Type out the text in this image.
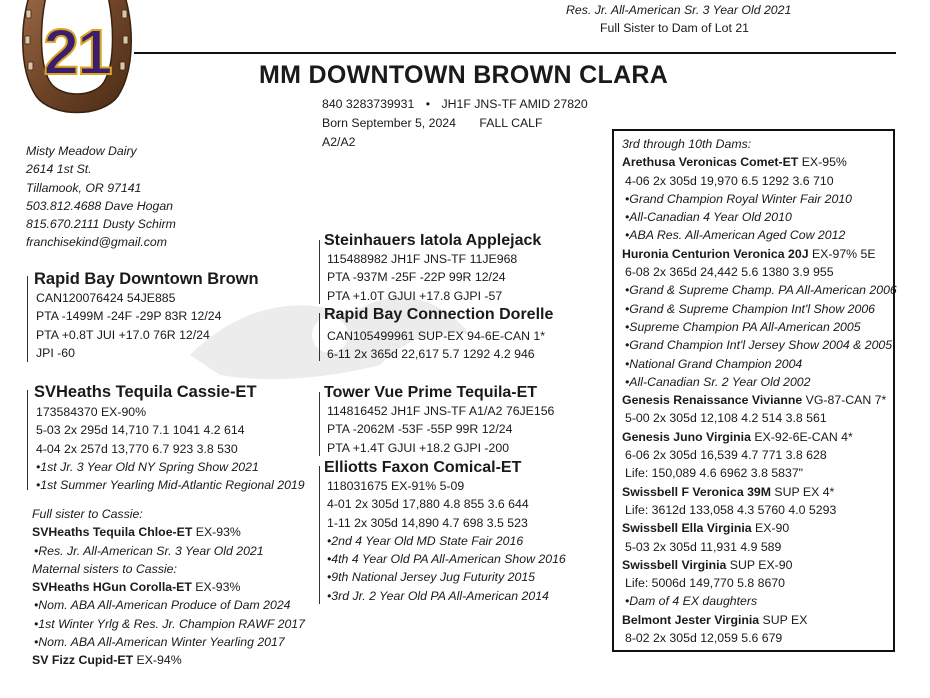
21
Res. Jr. All-American Sr. 3 Year Old 2021
Full Sister to Dam of Lot 21
MM DOWNTOWN BROWN CLARA
840 3283739931 • JH1F JNS-TF AMID 27820
Born September 5, 2024 FALL CALF
A2/A2
Misty Meadow Dairy
2614 1st St.
Tillamook, OR 97141
503.812.4688 Dave Hogan
815.670.2111 Dusty Schirm
franchisekind@gmail.com
Rapid Bay Downtown Brown
CAN120076424 54JE885
PTA -1499M -24F -29P 83R 12/24
PTA +0.8T JUI +17.0 76R 12/24
JPI -60
SVHeaths Tequila Cassie-ET
173584370 EX-90%
5-03 2x 295d 14,710 7.1 1041 4.2 614
4-04 2x 257d 13,770 6.7 923 3.8 530
•1st Jr. 3 Year Old NY Spring Show 2021
•1st Summer Yearling Mid-Atlantic Regional 2019
Full sister to Cassie:
SVHeaths Tequila Chloe-ET EX-93%
•Res. Jr. All-American Sr. 3 Year Old 2021
Maternal sisters to Cassie:
SVHeaths HGun Corolla-ET EX-93%
•Nom. ABA All-American Produce of Dam 2024
•1st Winter Yrlg & Res. Jr. Champion RAWF 2017
•Nom. ABA All-American Winter Yearling 2017
SV Fizz Cupid-ET EX-94%
Steinhauers Iatola Applejack
115488982 JH1F JNS-TF 11JE968
PTA -937M -25F -22P 99R 12/24
PTA +1.0T GJUI +17.8 GJPI -57
Rapid Bay Connection Dorelle
CAN105499961 SUP-EX 94-6E-CAN 1*
6-11 2x 365d 22,617 5.7 1292 4.2 946
Tower Vue Prime Tequila-ET
114816452 JH1F JNS-TF A1/A2 76JE156
PTA -2062M -53F -55P 99R 12/24
PTA +1.4T GJUI +18.2 GJPI -200
Elliotts Faxon Comical-ET
118031675 EX-91% 5-09
4-01 2x 305d 17,880 4.8 855 3.6 644
1-11 2x 305d 14,890 4.7 698 3.5 523
•2nd 4 Year Old MD State Fair 2016
•4th 4 Year Old PA All-American Show 2016
•9th National Jersey Jug Futurity 2015
•3rd Jr. 2 Year Old PA All-American 2014
3rd through 10th Dams:
Arethusa Veronicas Comet-ET EX-95%
4-06 2x 305d 19,970 6.5 1292 3.6 710
•Grand Champion Royal Winter Fair 2010
•All-Canadian 4 Year Old 2010
•ABA Res. All-American Aged Cow 2012
Huronia Centurion Veronica 20J EX-97% 5E
6-08 2x 365d 24,442 5.6 1380 3.9 955
•Grand & Supreme Champ. PA All-American 2006
•Grand & Supreme Champion Int'l Show 2006
•Supreme Champion PA All-American 2005
•Grand Champion Int'l Jersey Show 2004 & 2005
•National Grand Champion 2004
•All-Canadian Sr. 2 Year Old 2002
Genesis Renaissance Vivianne VG-87-CAN 7*
5-00 2x 305d 12,108 4.2 514 3.8 561
Genesis Juno Virginia EX-92-6E-CAN 4*
6-06 2x 305d 16,539 4.7 771 3.8 628
Life: 150,089 4.6 6962 3.8 5837"
Swissbell F Veronica 39M SUP EX 4*
Life: 3612d 133,058 4.3 5760 4.0 5293
Swissbell Ella Virginia EX-90
5-03 2x 305d 11,931 4.9 589
Swissbell Virginia SUP EX-90
Life: 5006d 149,770 5.8 8670
•Dam of 4 EX daughters
Belmont Jester Virginia SUP EX
8-02 2x 305d 12,059 5.6 679
